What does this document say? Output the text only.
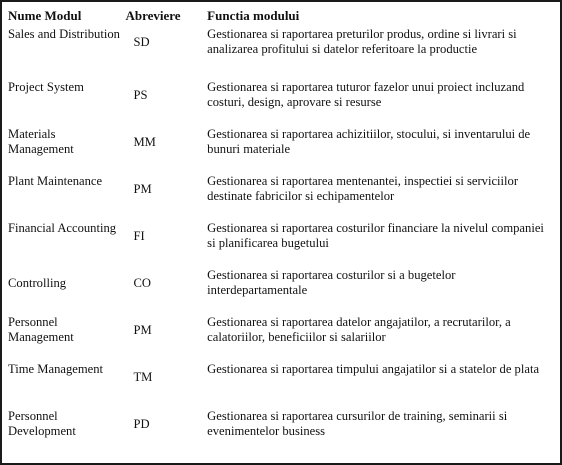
Nume Modul	Abreviere	Functia modului
Sales and Distribution	SD	Gestionarea si raportarea preturilor produs, ordine si livrari si analizarea profitului si datelor referitoare la productie
Project System	PS	Gestionarea si raportarea tuturor fazelor unui proiect incluzand costuri, design, aprovare si resurse
Materials Management	MM	Gestionarea si raportarea achizitiilor, stocului, si inventarului de bunuri materiale
Plant Maintenance	PM	Gestionarea si raportarea mentenantei, inspectiei si serviciilor destinate fabricilor si echipamentelor
Financial Accounting	FI	Gestionarea si raportarea costurilor financiare la nivelul companiei si planificarea bugetului
Controlling	CO	Gestionarea si raportarea costurilor si a bugetelor interdepartamentale
Personnel Management	PM	Gestionarea si raportarea datelor angajatilor, a recrutarilor, a calatoriilor, beneficiilor si salariilor
Time Management	TM	Gestionarea si raportarea timpului angajatilor si a statelor de plata
Personnel Development	PD	Gestionarea si raportarea cursurilor de training, seminarii si evenimentelor business
